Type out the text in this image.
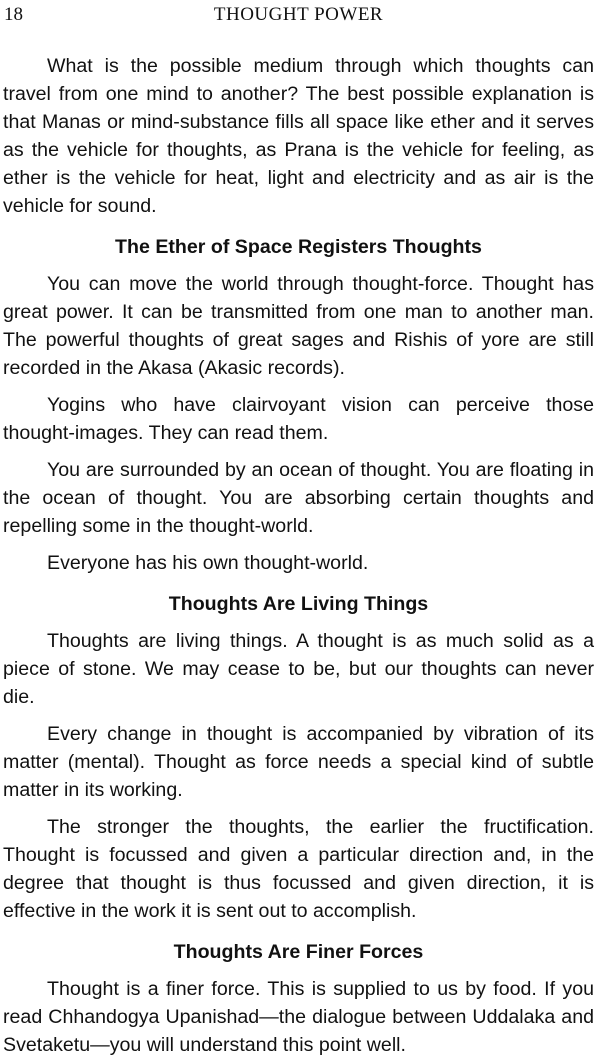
18	THOUGHT POWER

What is the possible medium through which thoughts can travel from one mind to another? The best possible explanation is that Manas or mind-substance fills all space like ether and it serves as the vehicle for thoughts, as Prana is the vehicle for feeling, as ether is the vehicle for heat, light and electricity and as air is the vehicle for sound.

The Ether of Space Registers Thoughts

You can move the world through thought-force. Thought has great power. It can be transmitted from one man to another man. The powerful thoughts of great sages and Rishis of yore are still recorded in the Akasa (Akasic records).

Yogins who have clairvoyant vision can perceive those thought-images. They can read them.

You are surrounded by an ocean of thought. You are floating in the ocean of thought. You are absorbing certain thoughts and repelling some in the thought-world.

Everyone has his own thought-world.

Thoughts Are Living Things

Thoughts are living things. A thought is as much solid as a piece of stone. We may cease to be, but our thoughts can never die.

Every change in thought is accompanied by vibration of its matter (mental). Thought as force needs a special kind of subtle matter in its working.

The stronger the thoughts, the earlier the fructification. Thought is focussed and given a particular direction and, in the degree that thought is thus focussed and given direction, it is effective in the work it is sent out to accomplish.

Thoughts Are Finer Forces

Thought is a finer force. This is supplied to us by food. If you read Chhandogya Upanishad—the dialogue between Uddalaka and Svetaketu—you will understand this point well.
